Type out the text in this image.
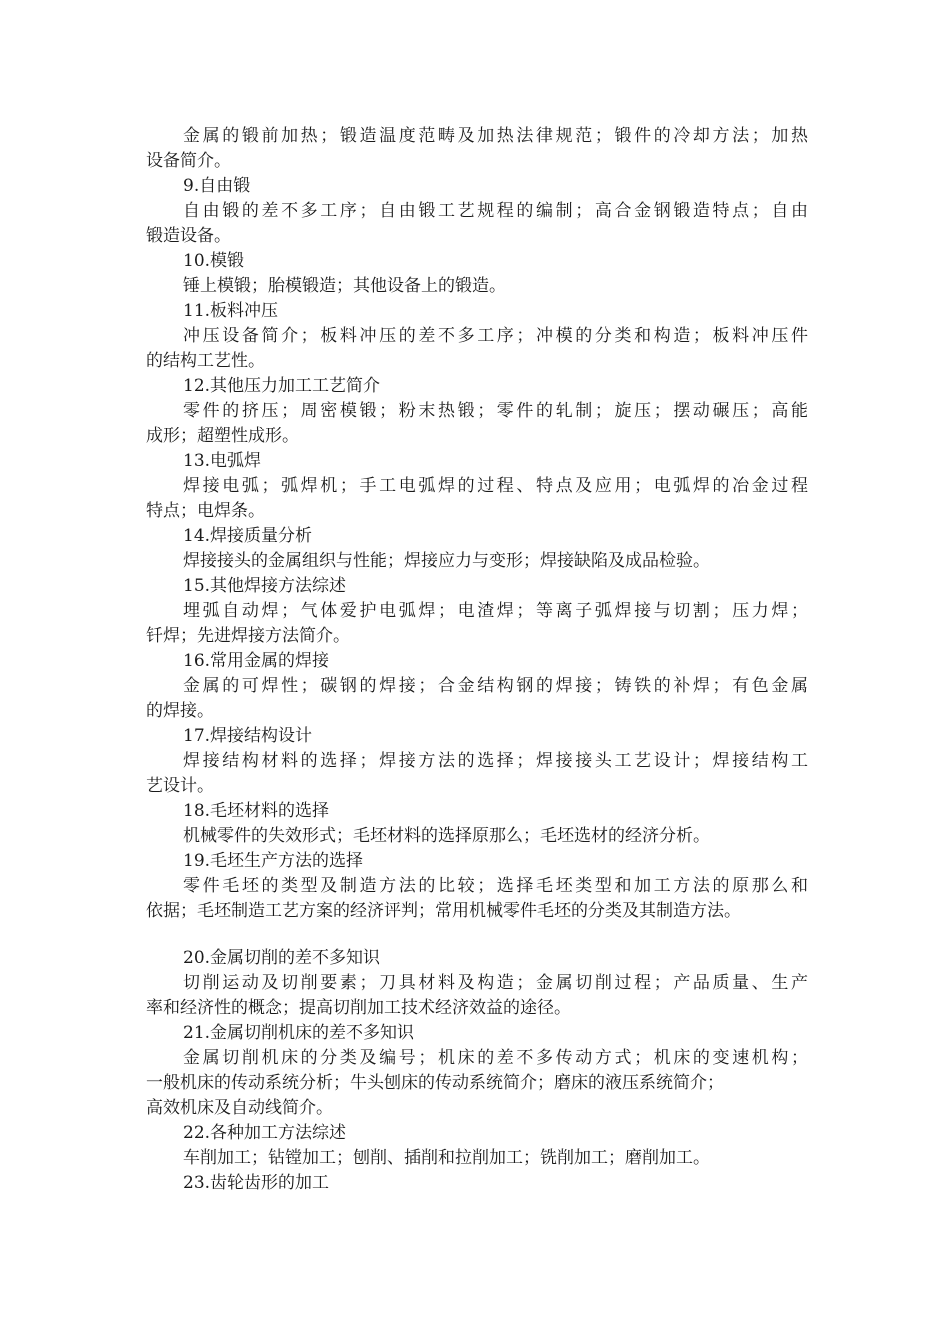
金属的锻前加热；锻造温度范畴及加热法律规范；锻件的冷却方法；加热

设备简介。

9.自由锻

自由锻的差不多工序；自由锻工艺规程的编制；高合金钢锻造特点；自由

锻造设备。

10.模锻

锤上模锻；胎模锻造；其他设备上的锻造。

11.板料冲压

冲压设备简介；板料冲压的差不多工序；冲模的分类和构造；板料冲压件

的结构工艺性。

12.其他压力加工工艺简介

零件的挤压；周密模锻；粉末热锻；零件的轧制；旋压；摆动碾压；高能

成形；超塑性成形。

13.电弧焊

焊接电弧；弧焊机；手工电弧焊的过程、特点及应用；电弧焊的冶金过程

特点；电焊条。

14.焊接质量分析

焊接接头的金属组织与性能；焊接应力与变形；焊接缺陷及成品检验。

15.其他焊接方法综述

埋弧自动焊；气体爱护电弧焊；电渣焊；等离子弧焊接与切割；压力焊；

钎焊；先进焊接方法简介。

16.常用金属的焊接

金属的可焊性；碳钢的焊接；合金结构钢的焊接；铸铁的补焊；有色金属

的焊接。

17.焊接结构设计

焊接结构材料的选择；焊接方法的选择；焊接接头工艺设计；焊接结构工

艺设计。

18.毛坯材料的选择

机械零件的失效形式；毛坯材料的选择原那么；毛坯选材的经济分析。

19.毛坯生产方法的选择

零件毛坯的类型及制造方法的比较；选择毛坯类型和加工方法的原那么和

依据；毛坯制造工艺方案的经济评判；常用机械零件毛坯的分类及其制造方法。

20.金属切削的差不多知识

切削运动及切削要素；刀具材料及构造；金属切削过程；产品质量、生产

率和经济性的概念；提高切削加工技术经济效益的途径。

21.金属切削机床的差不多知识

金属切削机床的分类及编号；机床的差不多传动方式；机床的变速机构；

一般机床的传动系统分析；牛头刨床的传动系统简介；磨床的液压系统简介；

高效机床及自动线简介。

22.各种加工方法综述

车削加工；钻镗加工；刨削、插削和拉削加工；铣削加工；磨削加工。

23.齿轮齿形的加工
